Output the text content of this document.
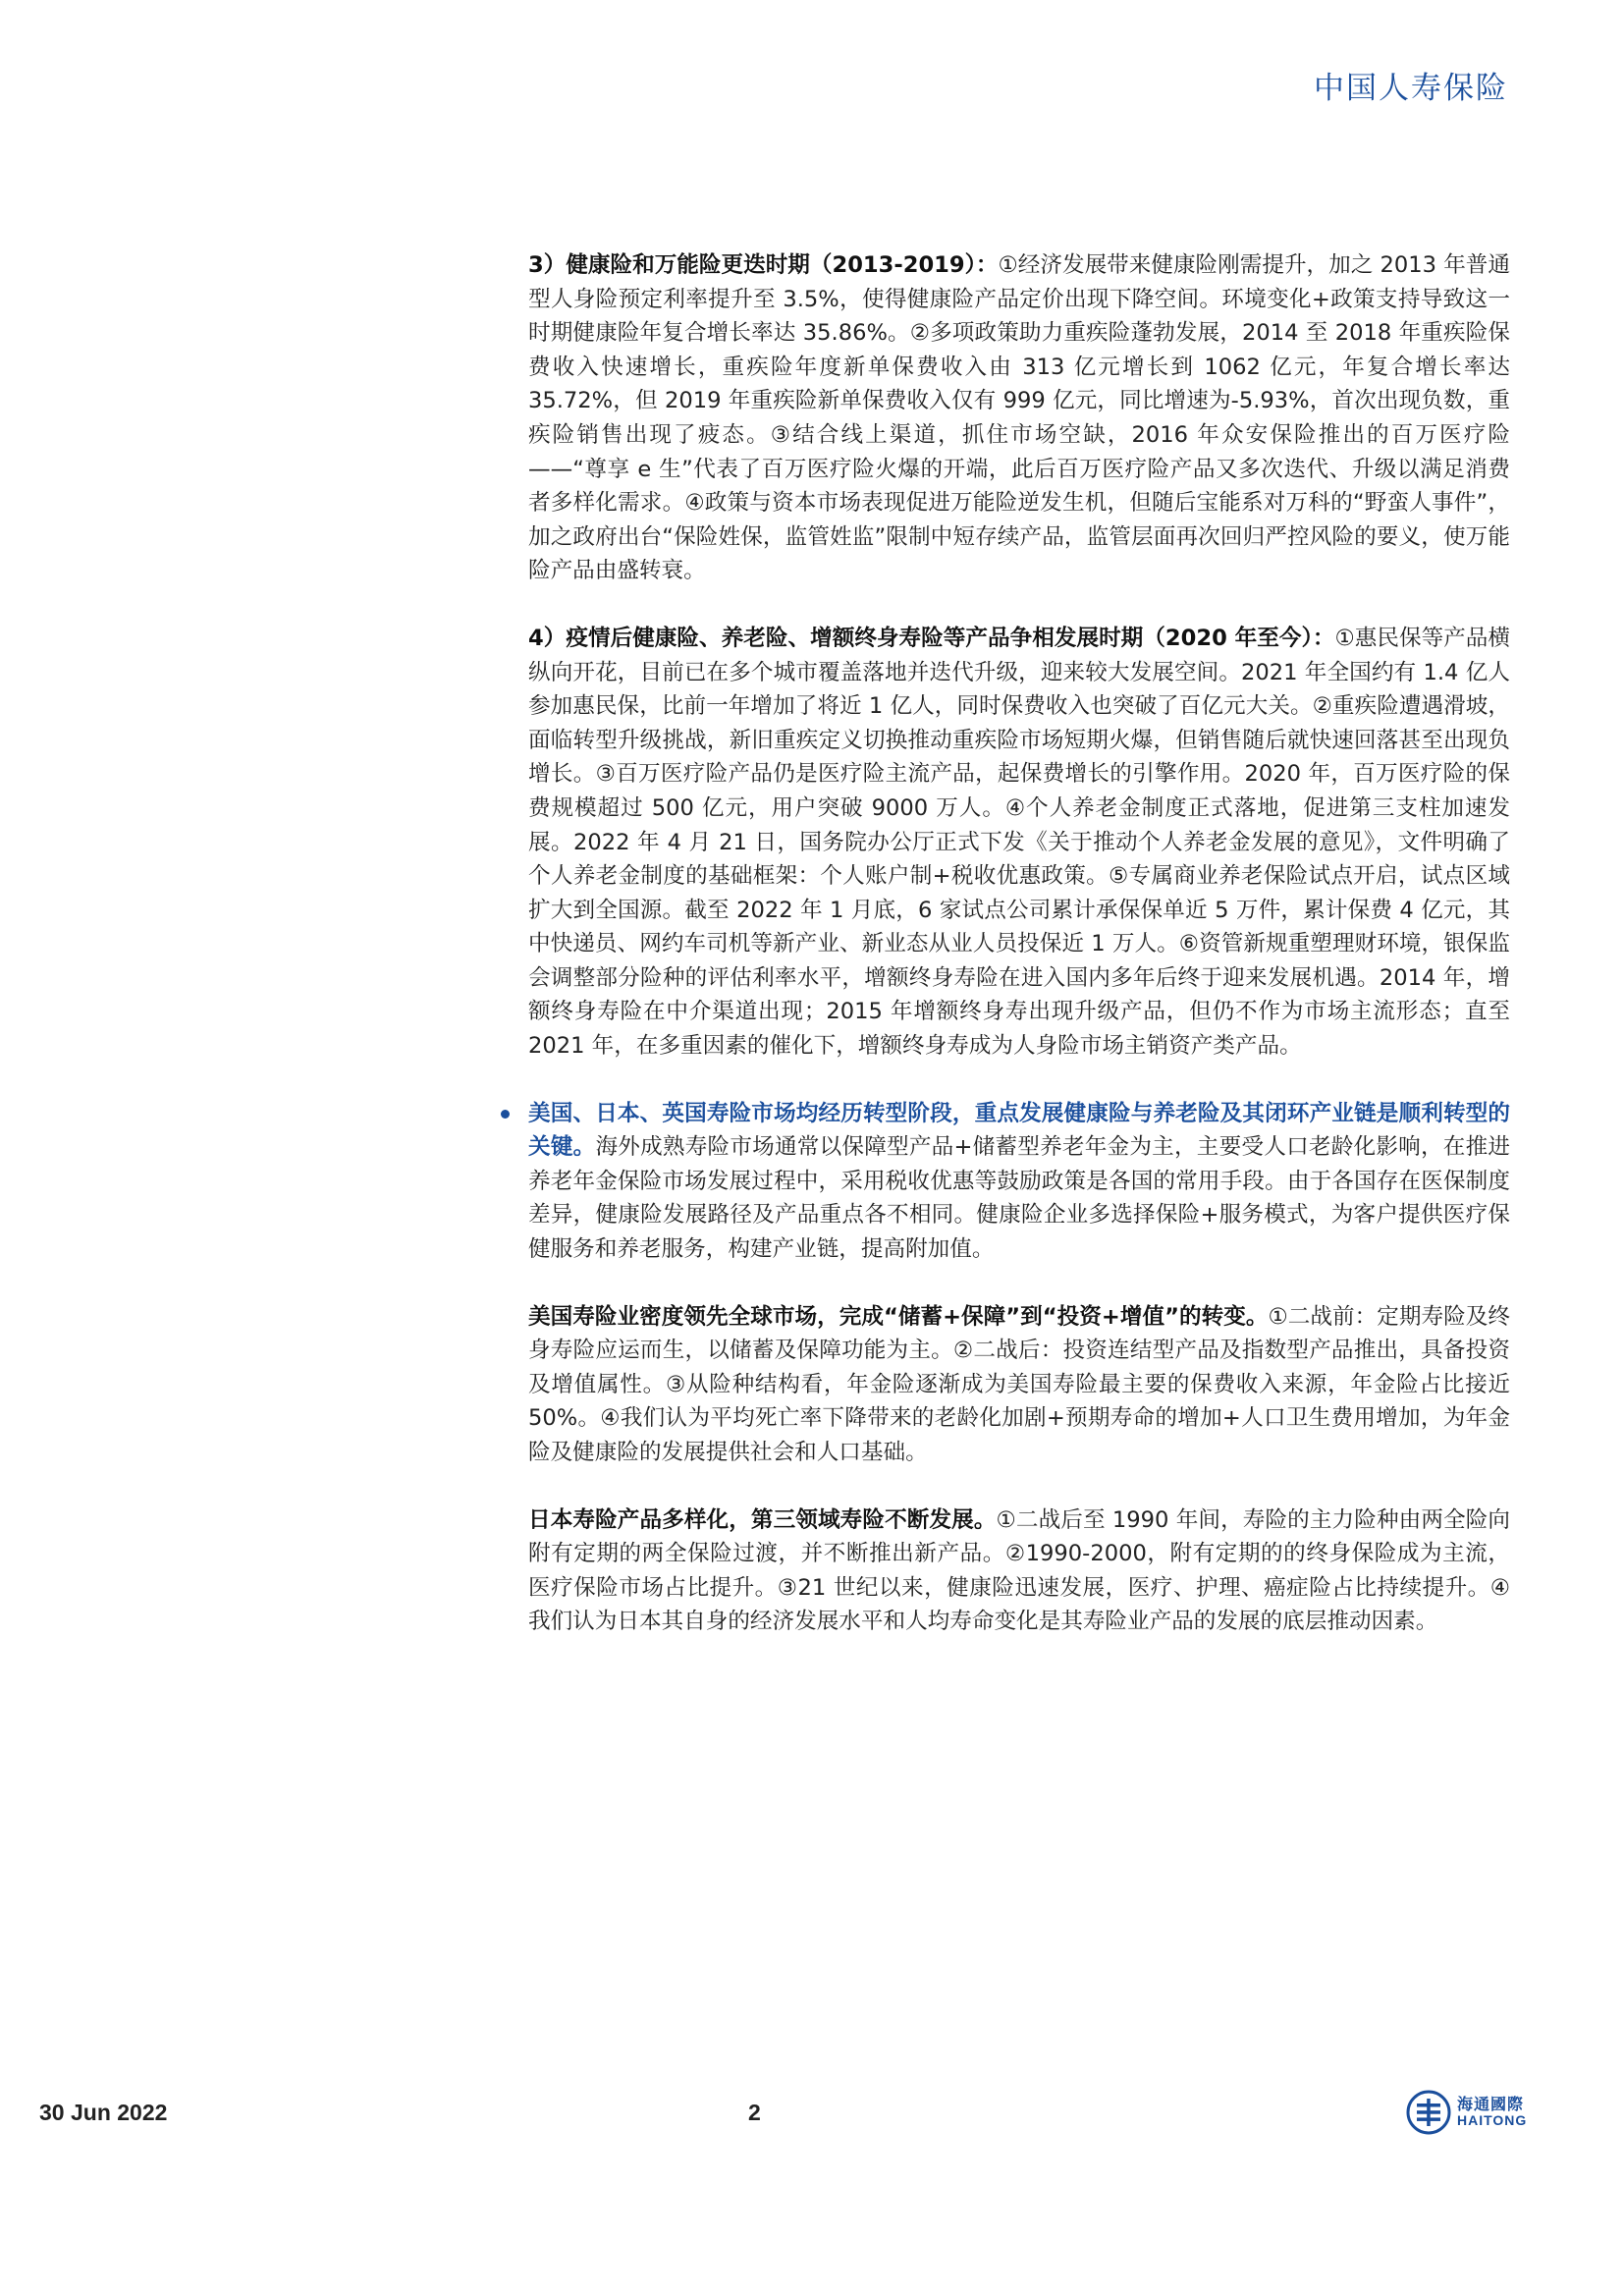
中国人寿保险

3）健康险和万能险更迭时期（2013-2019）：①经济发展带来健康险刚需提升，加之 2013 年普通型人身险预定利率提升至 3.5%，使得健康险产品定价出现下降空间。环境变化+政策支持导致这一时期健康险年复合增长率达 35.86%。②多项政策助力重疾险蓬勃发展，2014 至 2018 年重疾险保费收入快速增长，重疾险年度新单保费收入由 313 亿元增长到 1062 亿元，年复合增长率达 35.72%，但 2019 年重疾险新单保费收入仅有 999 亿元，同比增速为-5.93%，首次出现负数，重疾险销售出现了疲态。③结合线上渠道，抓住市场空缺，2016 年众安保险推出的百万医疗险——“尊享 e 生”代表了百万医疗险火爆的开端，此后百万医疗险产品又多次迭代、升级以满足消费者多样化需求。④政策与资本市场表现促进万能险逆发生机，但随后宝能系对万科的“野蛮人事件”，加之政府出台“保险姓保，监管姓监”限制中短存续产品，监管层面再次回归严控风险的要义，使万能险产品由盛转衰。

4）疫情后健康险、养老险、增额终身寿险等产品争相发展时期（2020 年至今）：①惠民保等产品横纵向开花，目前已在多个城市覆盖落地并迭代升级，迎来较大发展空间。2021 年全国约有 1.4 亿人参加惠民保，比前一年增加了将近 1 亿人，同时保费收入也突破了百亿元大关。②重疾险遭遇滑坡，面临转型升级挑战，新旧重疾定义切换推动重疾险市场短期火爆，但销售随后就快速回落甚至出现负增长。③百万医疗险产品仍是医疗险主流产品，起保费增长的引擎作用。2020 年，百万医疗险的保费规模超过 500 亿元，用户突破 9000 万人。④个人养老金制度正式落地，促进第三支柱加速发展。2022 年 4 月 21 日，国务院办公厅正式下发《关于推动个人养老金发展的意见》，文件明确了个人养老金制度的基础框架：个人账户制+税收优惠政策。⑤专属商业养老保险试点开启，试点区域扩大到全国源。截至 2022 年 1 月底，6 家试点公司累计承保保单近 5 万件，累计保费 4 亿元，其中快递员、网约车司机等新产业、新业态从业人员投保近 1 万人。⑥资管新规重塑理财环境，银保监会调整部分险种的评估利率水平，增额终身寿险在进入国内多年后终于迎来发展机遇。2014 年，增额终身寿险在中介渠道出现；2015 年增额终身寿出现升级产品，但仍不作为市场主流形态；直至 2021 年，在多重因素的催化下，增额终身寿成为人身险市场主销资产类产品。

美国、日本、英国寿险市场均经历转型阶段，重点发展健康险与养老险及其闭环产业链是顺利转型的关键。海外成熟寿险市场通常以保障型产品+储蓄型养老年金为主，主要受人口老龄化影响，在推进养老年金保险市场发展过程中，采用税收优惠等鼓励政策是各国的常用手段。由于各国存在医保制度差异，健康险发展路径及产品重点各不相同。健康险企业多选择保险+服务模式，为客户提供医疗保健服务和养老服务，构建产业链，提高附加值。

美国寿险业密度领先全球市场，完成“储蓄+保障”到“投资+增值”的转变。①二战前：定期寿险及终身寿险应运而生，以储蓄及保障功能为主。②二战后：投资连结型产品及指数型产品推出，具备投资及增值属性。③从险种结构看，年金险逐渐成为美国寿险最主要的保费收入来源，年金险占比接近 50%。④我们认为平均死亡率下降带来的老龄化加剧+预期寿命的增加+人口卫生费用增加，为年金险及健康险的发展提供社会和人口基础。

日本寿险产品多样化，第三领域寿险不断发展。①二战后至 1990 年间，寿险的主力险种由两全险向附有定期的两全保险过渡，并不断推出新产品。②1990-2000，附有定期的的终身保险成为主流，医疗保险市场占比提升。③21 世纪以来，健康险迅速发展，医疗、护理、癌症险占比持续提升。④我们认为日本其自身的经济发展水平和人均寿命变化是其寿险业产品的发展的底层推动因素。

30 Jun 2022	2	海通國際
HAITONG
